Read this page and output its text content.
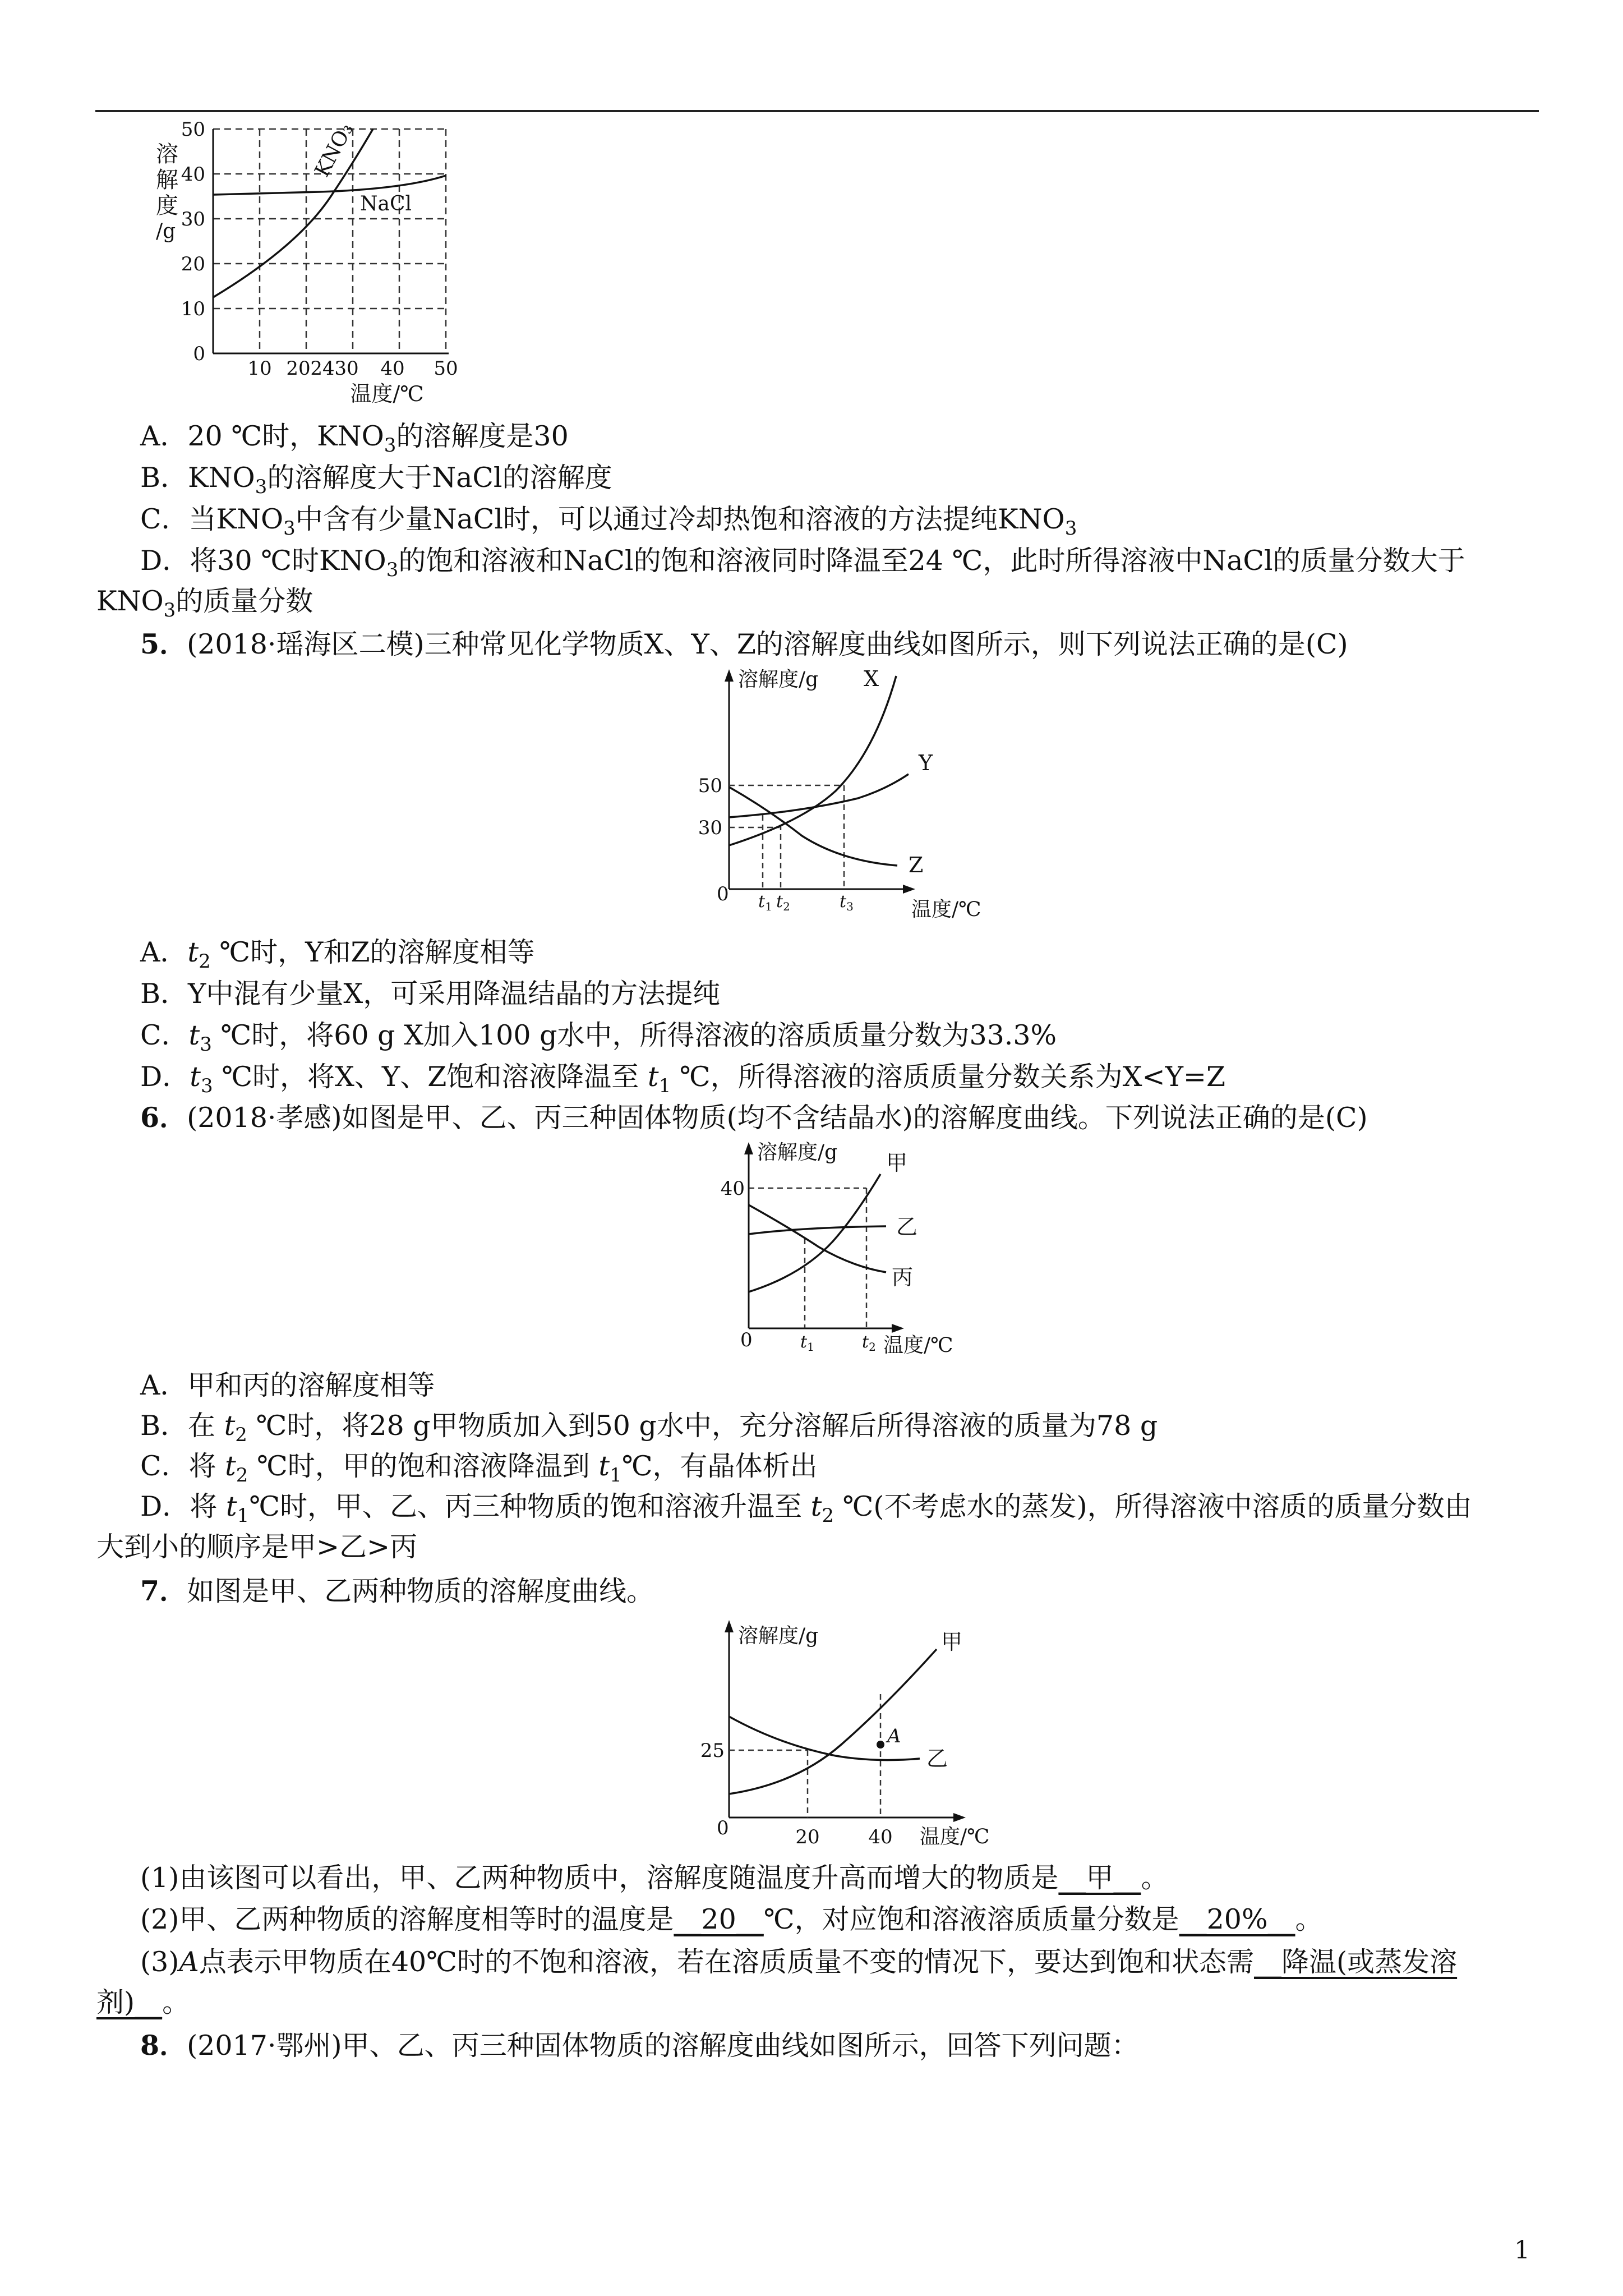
KNO₃
NaCl
溶
解
度
/g
0
10
20
30
40
50
10 20 24 30 40 50
温度/℃
A．20 ℃时，$KNO_3$的溶解度是30
B．$KNO_3$的溶解度大于NaCl的溶解度
C．当$KNO_3$中含有少量NaCl时，可以通过冷却热饱和溶液的方法提纯$KNO_3$
D．将30 ℃时$KNO_3$的饱和溶液和NaCl的饱和溶液同时降温至24 ℃，此时所得溶液中NaCl的质量分数大于
$KNO_3$的质量分数
5．(2018·瑶海区二模)三种常见化学物质X、Y、Z的溶解度曲线如图所示，则下列说法正确的是(C)
溶解度/g X
Y
Z
50
30
0 $t_1$ $t_2$	$t_3$	温度/℃
A．$t_2$ ℃时，Y和Z的溶解度相等
B．Y中混有少量X，可采用降温结晶的方法提纯
C．$t_3$ ℃时，将60 g X加入100 g水中，所得溶液的溶质质量分数为33.3%
D．$t_3$ ℃时，将X、Y、Z饱和溶液降温至 $t_1$ ℃，所得溶液的溶质质量分数关系为X<Y=Z
6．(2018·孝感)如图是甲、乙、丙三种固体物质(均不含结晶水)的溶解度曲线。下列说法正确的是(C)
溶解度/g 甲
乙
丙
40
0	$t_1$	$t_2$ 温度/℃
A．甲和丙的溶解度相等
B．在 $t_2$ ℃时，将28 g甲物质加入到50 g水中，充分溶解后所得溶液的质量为78 g
C．将 $t_2$ ℃时，甲的饱和溶液降温到 $t_1℃$，有晶体析出
D．将 $t_1℃$时，甲、乙、丙三种物质的饱和溶液升温至 $t_2$ ℃(不考虑水的蒸发)，所得溶液中溶质的质量分数由
大到小的顺序是甲>乙>丙
7．如图是甲、乙两种物质的溶解度曲线。
A
溶解度/g	甲
乙
25
0	20	40 温度/℃
(1)由该图可以看出，甲、乙两种物质中，溶解度随温度升高而增大的物质是__甲__。
(2)甲、乙两种物质的溶解度相等时的温度是__20__℃，对应饱和溶液溶质质量分数是__20%__。
(3)A点表示甲物质在40℃时的不饱和溶液，若在溶质质量不变的情况下，要达到饱和状态需__降温(或蒸发溶
剂)__。
8．(2017·鄂州)甲、乙、丙三种固体物质的溶解度曲线如图所示，回答下列问题：
1
